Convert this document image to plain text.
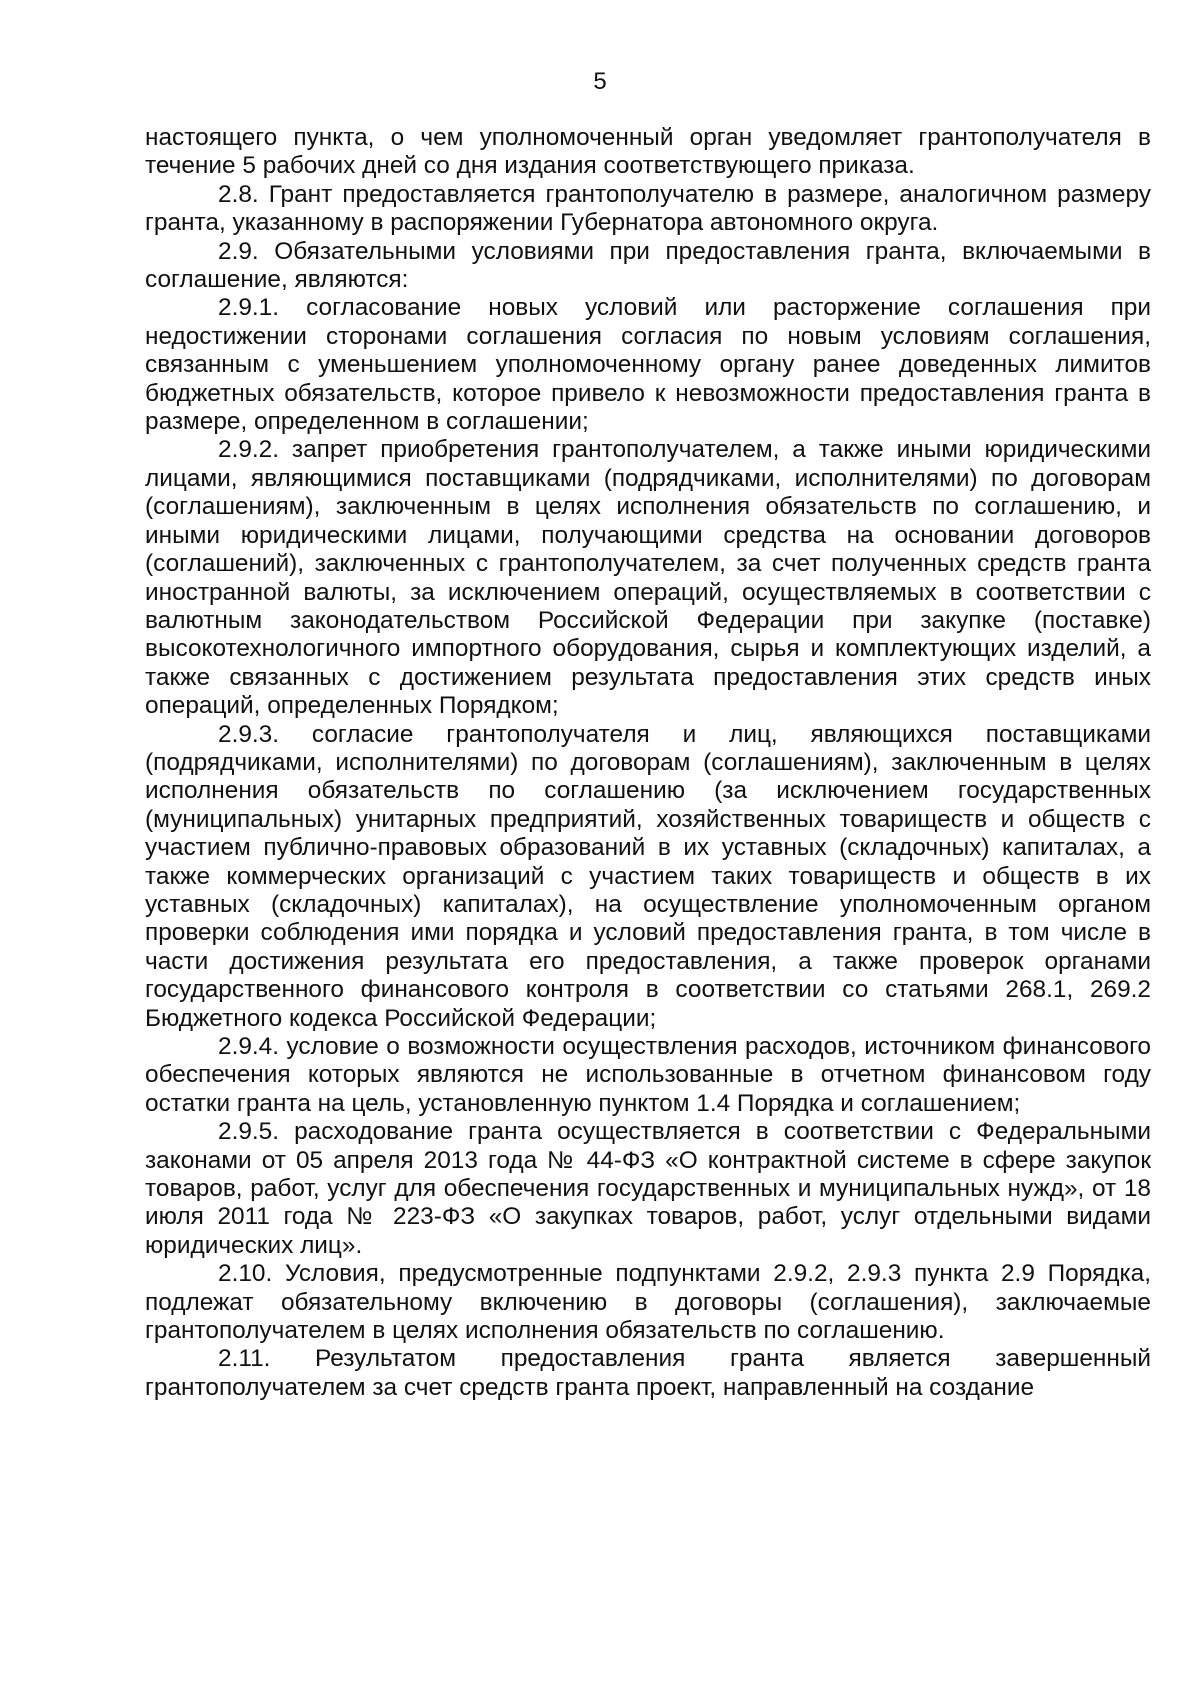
5

настоящего пункта, о чем уполномоченный орган уведомляет грантополучателя в течение 5 рабочих дней со дня издания соответствующего приказа.

2.8. Грант предоставляется грантополучателю в размере, аналогичном размеру гранта, указанному в распоряжении Губернатора автономного округа.

2.9. Обязательными условиями при предоставления гранта, включаемыми в соглашение, являются:

2.9.1. согласование новых условий или расторжение соглашения при недостижении сторонами соглашения согласия по новым условиям соглашения, связанным с уменьшением уполномоченному органу ранее доведенных лимитов бюджетных обязательств, которое привело к невозможности предоставления гранта в размере, определенном в соглашении;

2.9.2. запрет приобретения грантополучателем, а также иными юридическими лицами, являющимися поставщиками (подрядчиками, исполнителями) по договорам (соглашениям), заключенным в целях исполнения обязательств по соглашению, и иными юридическими лицами, получающими средства на основании договоров (соглашений), заключенных с грантополучателем, за счет полученных средств гранта иностранной валюты, за исключением операций, осуществляемых в соответствии с валютным законодательством Российской Федерации при закупке (поставке) высокотехнологичного импортного оборудования, сырья и комплектующих изделий, а также связанных с достижением результата предоставления этих средств иных операций, определенных Порядком;

2.9.3. согласие грантополучателя и лиц, являющихся поставщиками (подрядчиками, исполнителями) по договорам (соглашениям), заключенным в целях исполнения обязательств по соглашению (за исключением государственных (муниципальных) унитарных предприятий, хозяйственных товариществ и обществ с участием публично-правовых образований в их уставных (складочных) капиталах, а также коммерческих организаций с участием таких товариществ и обществ в их уставных (складочных) капиталах), на осуществление уполномоченным органом проверки соблюдения ими порядка и условий предоставления гранта, в том числе в части достижения результата его предоставления, а также проверок органами государственного финансового контроля в соответствии со статьями 268.1, 269.2 Бюджетного кодекса Российской Федерации;

2.9.4. условие о возможности осуществления расходов, источником финансового обеспечения которых являются не использованные в отчетном финансовом году остатки гранта на цель, установленную пунктом 1.4 Порядка и соглашением;

2.9.5. расходование гранта осуществляется в соответствии с Федеральными законами от 05 апреля 2013 года № 44-ФЗ «О контрактной системе в сфере закупок товаров, работ, услуг для обеспечения государственных и муниципальных нужд», от 18 июля 2011 года № 223-ФЗ «О закупках товаров, работ, услуг отдельными видами юридических лиц».

2.10. Условия, предусмотренные подпунктами 2.9.2, 2.9.3 пункта 2.9 Порядка, подлежат обязательному включению в договоры (соглашения), заключаемые грантополучателем в целях исполнения обязательств по соглашению.

2.11. Результатом предоставления гранта является завершенный грантополучателем за счет средств гранта проект, направленный на создание
